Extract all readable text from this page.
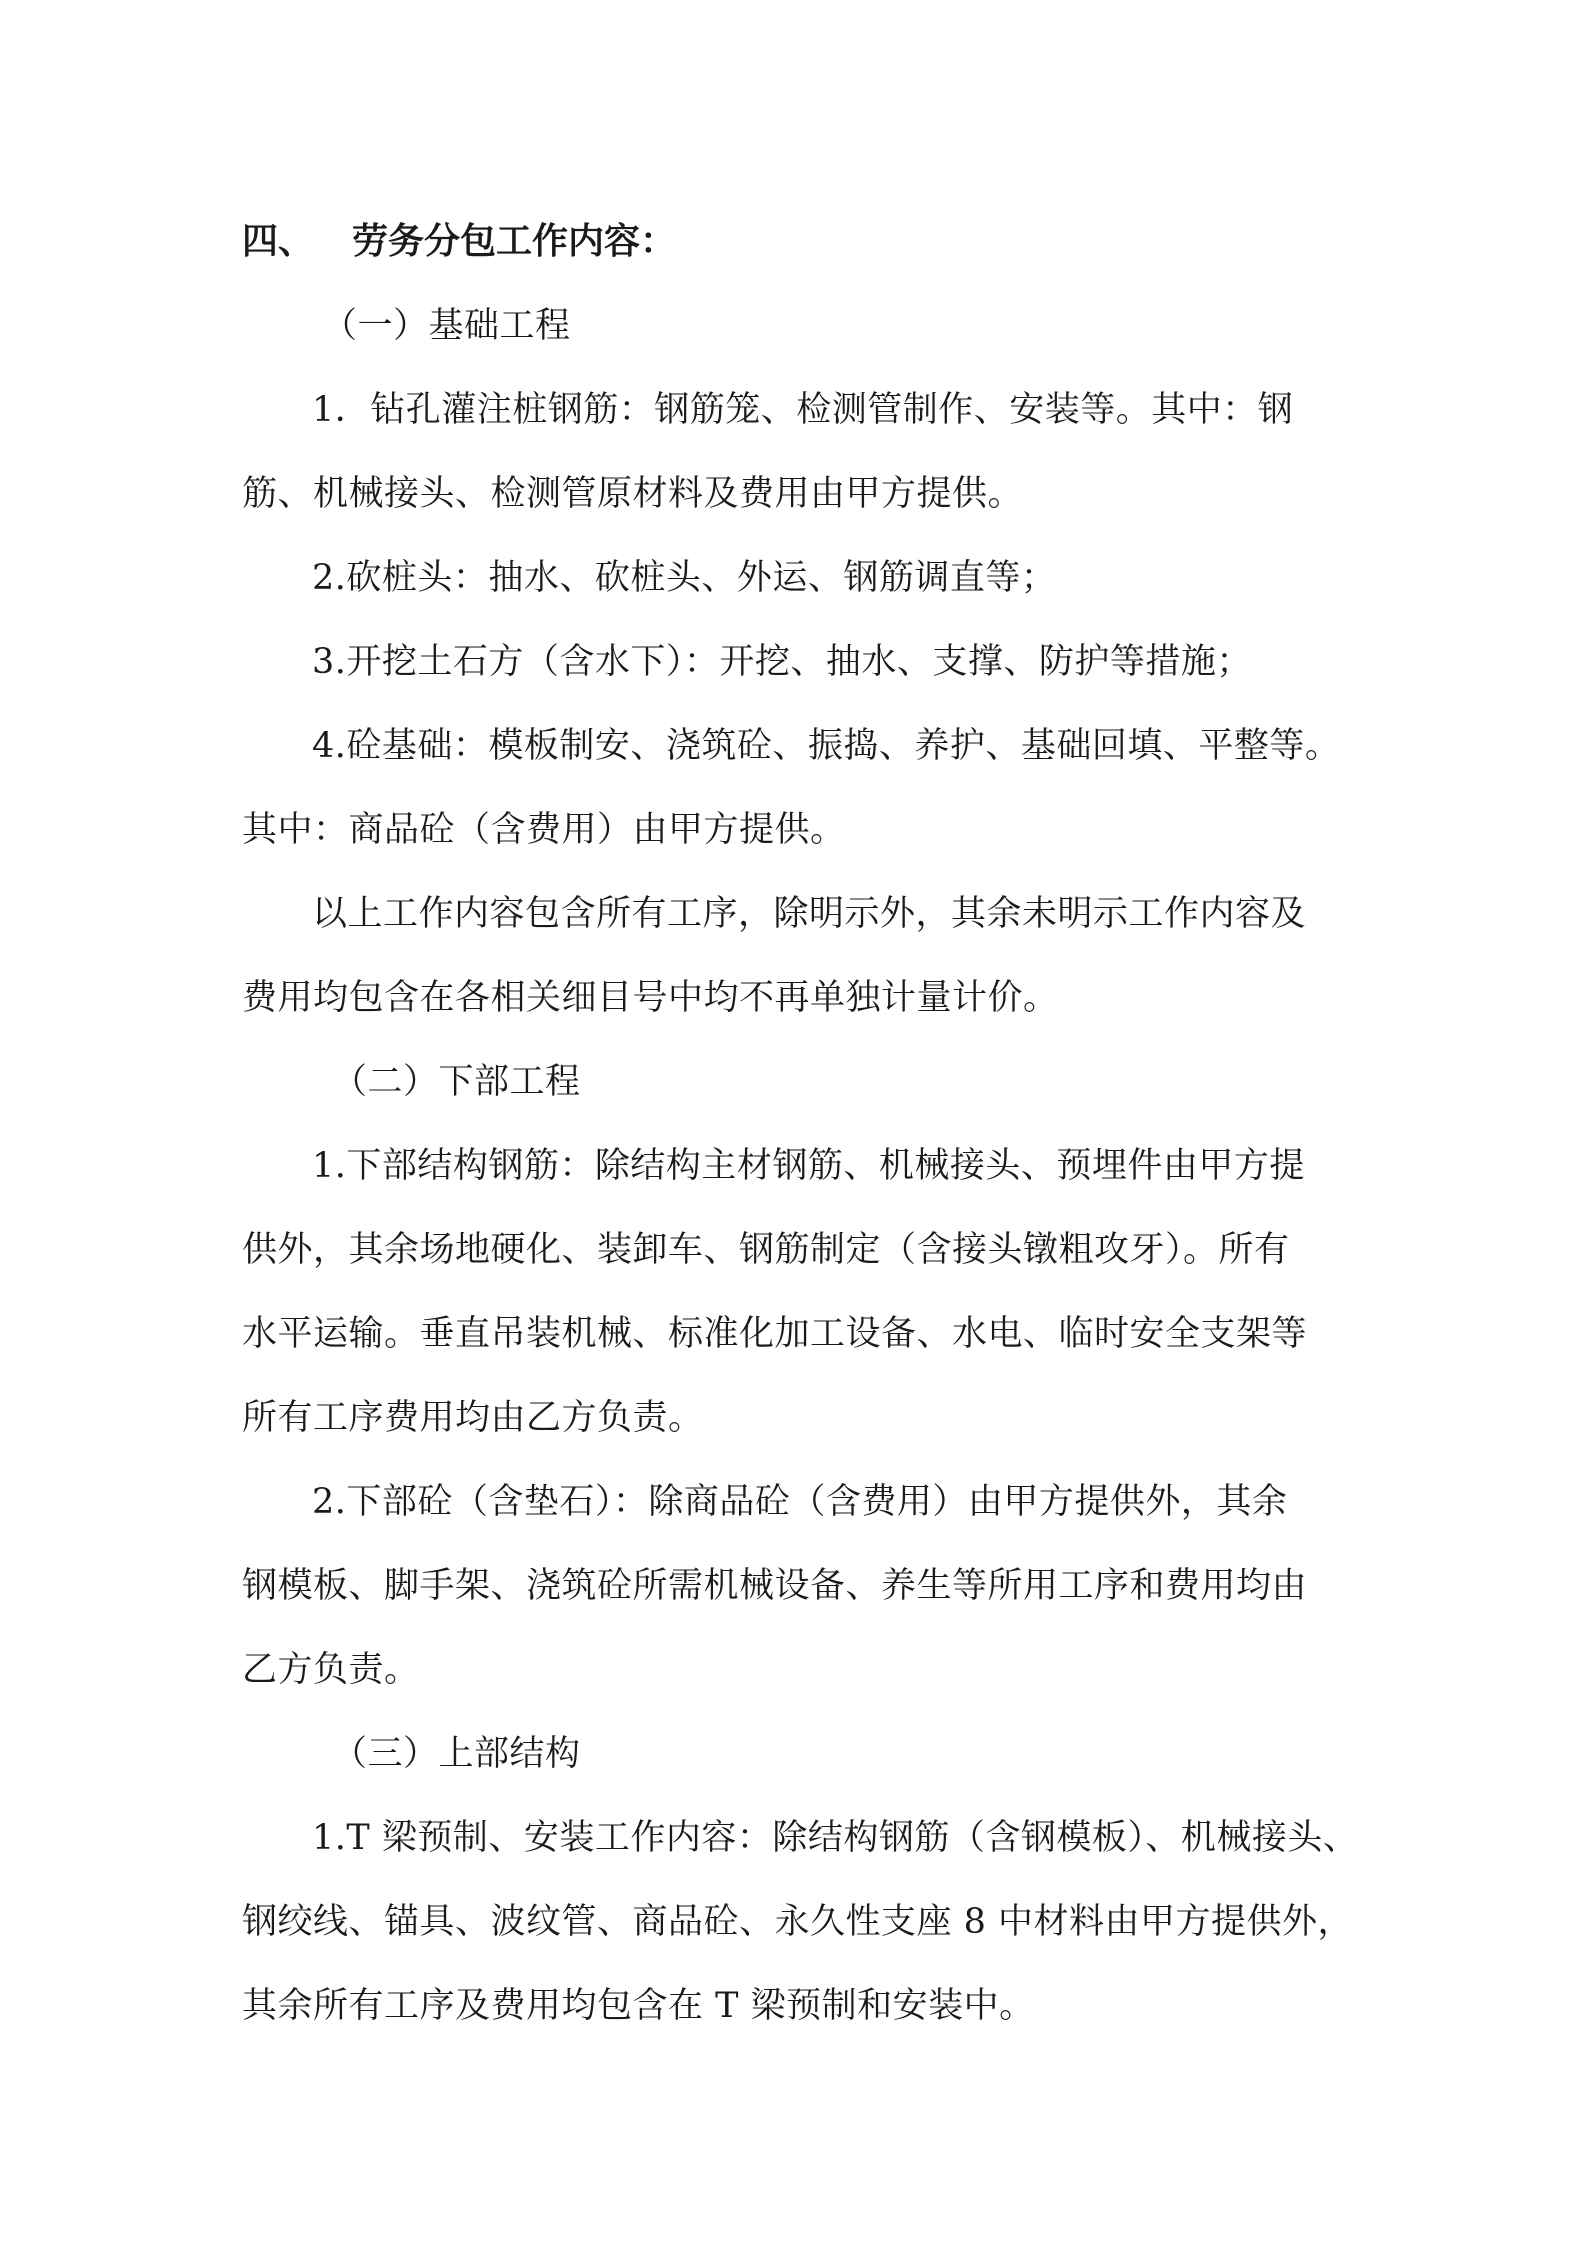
四、 劳务分包工作内容：
（一）基础工程
1．钻孔灌注桩钢筋：钢筋笼、检测管制作、安装等。其中：钢
筋、机械接头、检测管原材料及费用由甲方提供。
2.砍桩头：抽水、砍桩头、外运、钢筋调直等；
3.开挖土石方（含水下）：开挖、抽水、支撑、防护等措施；
4.砼基础：模板制安、浇筑砼、振捣、养护、基础回填、平整等。
其中：商品砼（含费用）由甲方提供。
以上工作内容包含所有工序，除明示外，其余未明示工作内容及
费用均包含在各相关细目号中均不再单独计量计价。
（二）下部工程
1.下部结构钢筋：除结构主材钢筋、机械接头、预埋件由甲方提
供外，其余场地硬化、装卸车、钢筋制定（含接头镦粗攻牙）。所有
水平运输。垂直吊装机械、标准化加工设备、水电、临时安全支架等
所有工序费用均由乙方负责。
2.下部砼（含垫石）：除商品砼（含费用）由甲方提供外，其余
钢模板、脚手架、浇筑砼所需机械设备、养生等所用工序和费用均由
乙方负责。
（三）上部结构
1.T 梁预制、安装工作内容：除结构钢筋（含钢模板）、机械接头、
钢绞线、锚具、波纹管、商品砼、永久性支座 8 中材料由甲方提供外，
其余所有工序及费用均包含在 T 梁预制和安装中。
